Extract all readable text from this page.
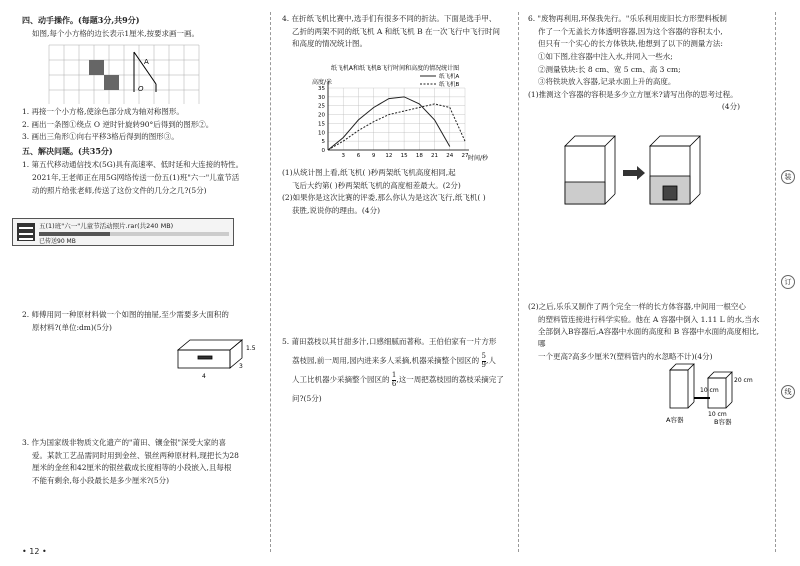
四、动手操作。(每题3分,共9分)
如图,每个小方格的边长表示1厘米,按要求画一画。
A
O
1. 再接一个小方格,使涂色部分成为轴对称图形。
2. 画出一条图①绕点 O 逆时针旋转90°后得到的图形②。
3. 画出三角形①向右平移3格后得到的图形③。
五、解决问题。(共35分)
1. 第五代移动通信技术(5G)具有高速率、低时延和大连接的特性。
2021年,王老师正在用5G网络传送一份五(1)班"六一"儿童节活
动的照片给张老师,传送了这份文件的几分之几?(5分)
五(1)班"六一"儿童节活动照片.rar(共240 MB)
已传送90 MB
2. 师傅用同一种原材料做一个如图的抽屉,至少需要多大面积的
原材料?(单位:dm)(5分)
4
3
1.5
3. 作为国家级非物质文化遗产的"莆田、镶金银"深受大家的喜
爱。某款工艺品需同时用到金丝、银丝两种原材料,现把长为28
厘米的金丝和42厘米的银丝截成长度相等的小段嵌入,且每根
不能有剩余,每小段最长是多少厘米?(5分)
4. 在折纸飞机比赛中,选手们有很多不同的折法。下面是选手甲、
乙折的两架不同的纸飞机 A 和纸飞机 B 在一次飞行中飞行时间
和高度的情况统计图。
纸飞机A和纸飞机B飞行时间和高度的情况统计图
高度/米
时间/秒
0
5
10
15
20
25
30
35
3 6 9 12 15 18 21 24 27
纸飞机A
纸飞机B
(1)从统计图上看,纸飞机( )秒两架纸飞机高度相同,起
飞后大约第( )秒两架纸飞机的高度相差最大。(2分)
(2)如果你是这次比赛的评委,那么你认为是这次飞行,纸飞机( )
获胜,说说你的理由。(4分)
5. 莆田荔枝以其甘甜多汁,口感细腻而著称。王伯伯家有一片方形
荔枝园,前一周用,园内进来多人采摘,机器采摘整个园区的 $\frac{5}{9}$ ,人
人工比机器少采摘整个园区的 $\frac{1}{6}$ ,这一周把荔枝园的荔枝采摘完了
问?(5分)
6. "废物再利用,环保我先行。"乐乐利用废旧长方形塑料板制
作了一个无盖长方体透明容器,因为这个容器的容积太小,
但只有一个实心的长方体铁块,他想到了以下的测量方法:
①如下图,往容器中注入水,并同入一些水;
②测量铁块:长 8 cm、宽 5 cm、高 3 cm;
③将铁块放入容器,记录水面上升的高度。
(1)推测这个容器的容积是多少立方厘米?请写出你的思考过程。
(4分)
(2)之后,乐乐又制作了两个完全一样的长方体容器,中间用一根空心
的塑料管连接进行科学实验。他在 A 容器中倒入 1.11 L 的水,当水
全部倒入B容器后,A容器中水面的高度和 B 容器中水面的高度相比,哪
一个更高?高多少厘米?(塑料管内的水忽略不计)(4分)
20 cm
10 cm
10 cm
A容器	B容器
装
订
线
• 12 •
